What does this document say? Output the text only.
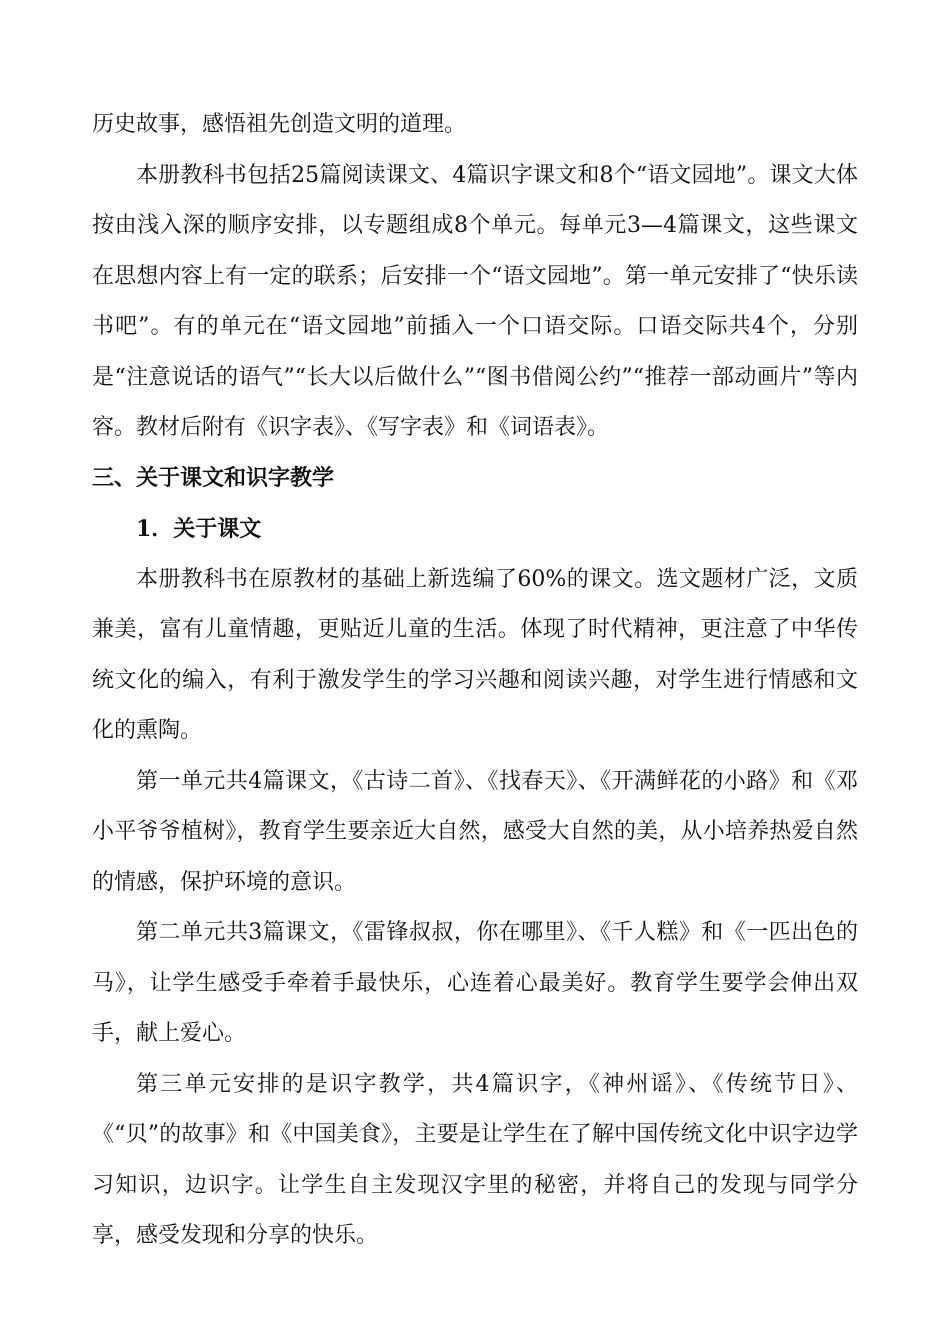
历史故事，感悟祖先创造文明的道理。

本册教科书包括25篇阅读课文、4篇识字课文和8个“语文园地”。课文大体按由浅入深的顺序安排，以专题组成8个单元。每单元3—4篇课文，这些课文在思想内容上有一定的联系；后安排一个“语文园地”。第一单元安排了“快乐读书吧”。有的单元在“语文园地”前插入一个口语交际。口语交际共4个，分别是“注意说话的语气”“长大以后做什么”“图书借阅公约”“推荐一部动画片”等内容。教材后附有《识字表》、《写字表》和《词语表》。

三、关于课文和识字教学
1．关于课文

本册教科书在原教材的基础上新选编了60%的课文。选文题材广泛，文质兼美，富有儿童情趣，更贴近儿童的生活。体现了时代精神，更注意了中华传统文化的编入，有利于激发学生的学习兴趣和阅读兴趣，对学生进行情感和文化的熏陶。

第一单元共4篇课文，《古诗二首》、《找春天》、《开满鲜花的小路》和《邓小平爷爷植树》，教育学生要亲近大自然，感受大自然的美，从小培养热爱自然的情感，保护环境的意识。

第二单元共3篇课文，《雷锋叔叔，你在哪里》、《千人糕》和《一匹出色的马》，让学生感受手牵着手最快乐，心连着心最美好。教育学生要学会伸出双手，献上爱心。

第三单元安排的是识字教学，共4篇识字，《神州谣》、《传统节日》、《“贝”的故事》和《中国美食》，主要是让学生在了解中国传统文化中识字边学习知识，边识字。让学生自主发现汉字里的秘密，并将自己的发现与同学分享，感受发现和分享的快乐。
